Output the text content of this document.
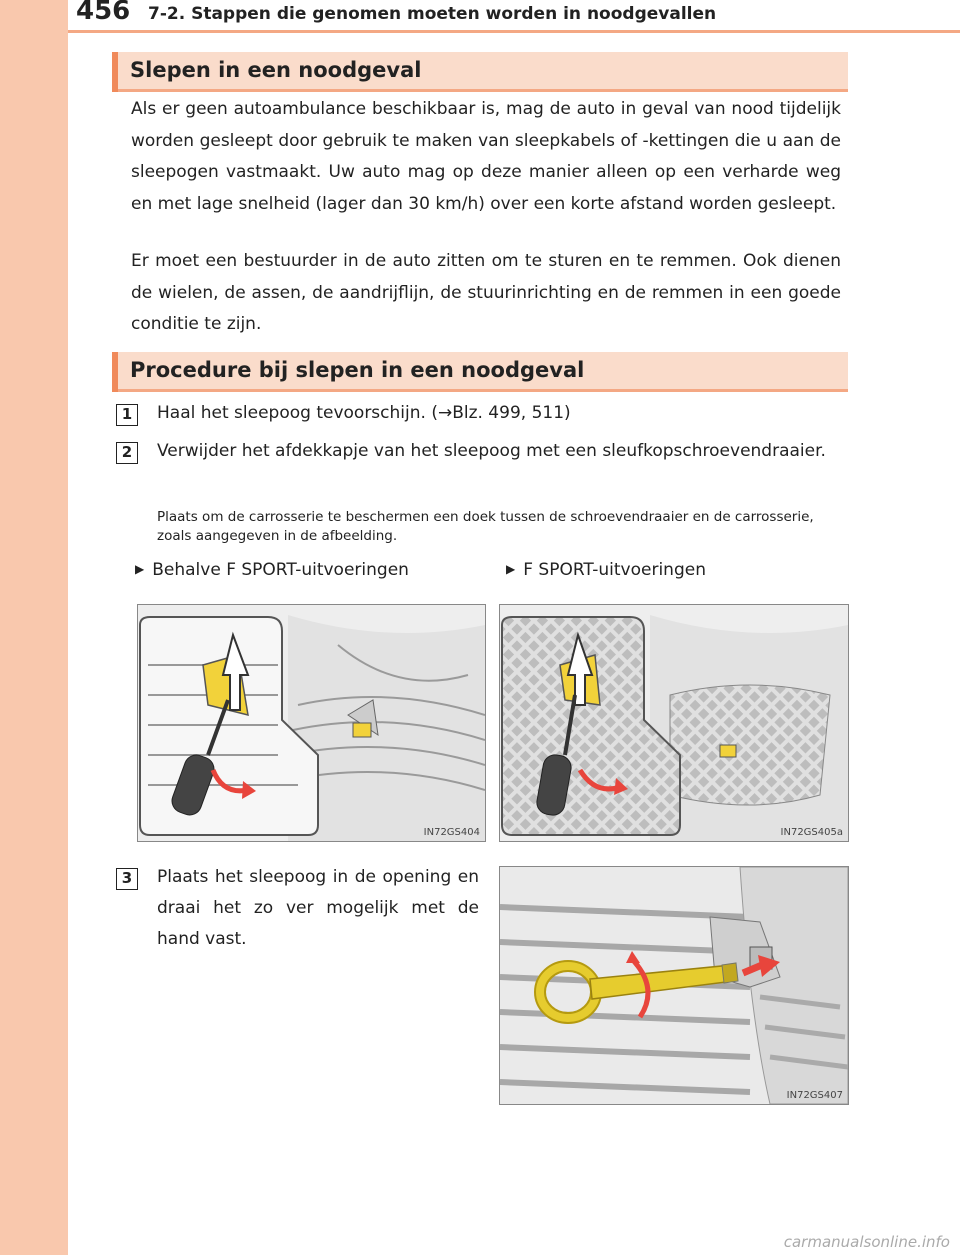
456 7-2. Stappen die genomen moeten worden in noodgevallen
Slepen in een noodgeval

Als er geen autoambulance beschikbaar is, mag de auto in geval van nood tijdelijk worden gesleept door gebruik te maken van sleepkabels of -kettingen die u aan de sleepogen vastmaakt. Uw auto mag op deze manier alleen op een verharde weg en met lage snelheid (lager dan 30 km/h) over een korte afstand worden gesleept.

Er moet een bestuurder in de auto zitten om te sturen en te remmen. Ook dienen de wielen, de assen, de aandrijflijn, de stuurinrichting en de remmen in een goede conditie te zijn.

Procedure bij slepen in een noodgeval
1	Haal het sleepoog tevoorschijn. (→Blz. 499, 511)

2	Verwijder het afdekkapje van het sleepoog met een sleufkopschroevendraaier.

Plaats om de carrosserie te beschermen een doek tussen de schroevendraaier en de carrosserie, zoals aangegeven in de afbeelding.

▶ Behalve F SPORT-uitvoeringen	▶ F SPORT-uitvoeringen
IN72GS404	IN72GS405a
3	Plaats het sleepoog in de opening en draai het zo ver mogelijk met de hand vast.

IN72GS407
carmanualsonline.info
